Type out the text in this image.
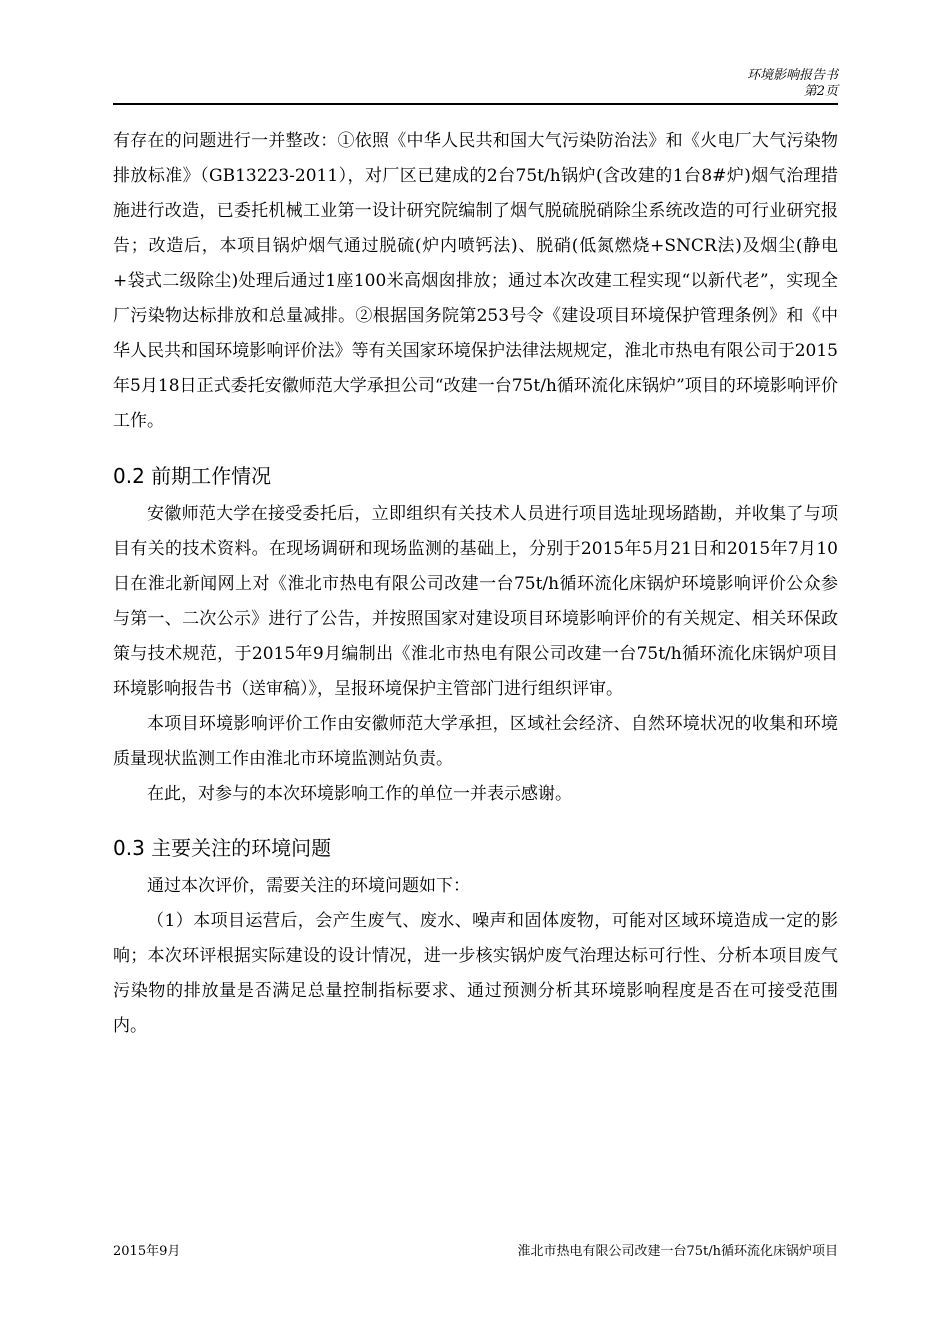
环境影响报告书
第2页

有存在的问题进行一并整改：①依照《中华人民共和国大气污染防治法》和《火电厂大气污染物排放标准》（GB13223-2011），对厂区已建成的2台75t/h锅炉(含改建的1台8#炉)烟气治理措施进行改造，已委托机械工业第一设计研究院编制了烟气脱硫脱硝除尘系统改造的可行业研究报告；改造后，本项目锅炉烟气通过脱硫(炉内喷钙法)、脱硝(低氮燃烧+SNCR法)及烟尘(静电+袋式二级除尘)处理后通过1座100米高烟囱排放；通过本次改建工程实现“以新代老”，实现全厂污染物达标排放和总量减排。②根据国务院第253号令《建设项目环境保护管理条例》和《中华人民共和国环境影响评价法》等有关国家环境保护法律法规规定，淮北市热电有限公司于2015年5月18日正式委托安徽师范大学承担公司“改建一台75t/h循环流化床锅炉”项目的环境影响评价工作。

0.2 前期工作情况

安徽师范大学在接受委托后，立即组织有关技术人员进行项目选址现场踏勘，并收集了与项目有关的技术资料。在现场调研和现场监测的基础上，分别于2015年5月21日和2015年7月10日在淮北新闻网上对《淮北市热电有限公司改建一台75t/h循环流化床锅炉环境影响评价公众参与第一、二次公示》进行了公告，并按照国家对建设项目环境影响评价的有关规定、相关环保政策与技术规范，于2015年9月编制出《淮北市热电有限公司改建一台75t/h循环流化床锅炉项目环境影响报告书（送审稿）》，呈报环境保护主管部门进行组织评审。

本项目环境影响评价工作由安徽师范大学承担，区域社会经济、自然环境状况的收集和环境质量现状监测工作由淮北市环境监测站负责。

在此，对参与的本次环境影响工作的单位一并表示感谢。

0.3 主要关注的环境问题

通过本次评价，需要关注的环境问题如下：

（1）本项目运营后，会产生废气、废水、噪声和固体废物，可能对区域环境造成一定的影响；本次环评根据实际建设的设计情况，进一步核实锅炉废气治理达标可行性、分析本项目废气污染物的排放量是否满足总量控制指标要求、通过预测分析其环境影响程度是否在可接受范围内。

2015年9月	淮北市热电有限公司改建一台75t/h循环流化床锅炉项目
